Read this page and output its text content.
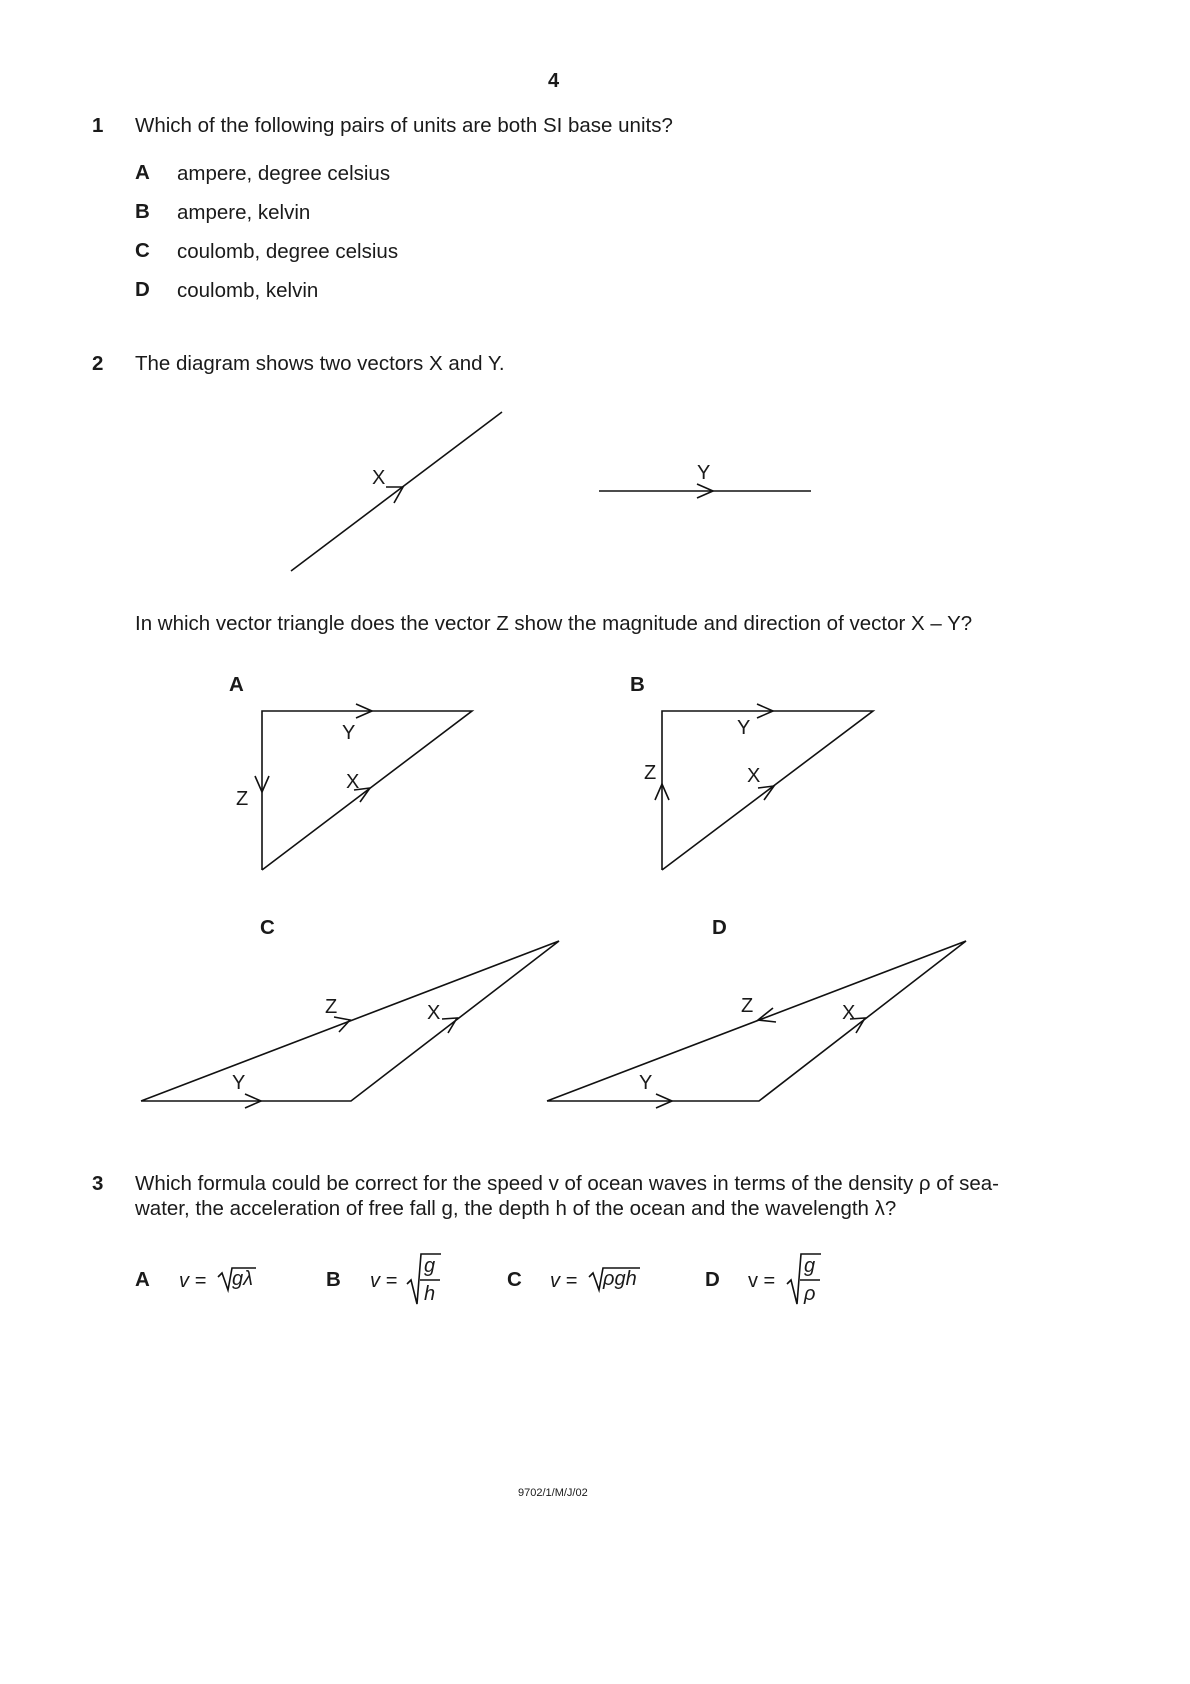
4
1 Which of the following pairs of units are both SI base units?
A ampere, degree celsius
B ampere, kelvin
C coulomb, degree celsius
D coulomb, kelvin
2 The diagram shows two vectors X and Y.
X	Y
In which vector triangle does the vector Z show the magnitude and direction of vector X – Y?
A	B
C	D
Y
X
Z
Y
X
Z
Z	X
Y
Z	X
Y
3 Which formula could be correct for the speed v of ocean waves in terms of the density ρ of sea-
water, the acceleration of free fall g, the depth h of the ocean and the wavelength λ?
A v = gλ	B v =
g
h
C v = ρgh	D v =
g
ρ
9702/1/M/J/02
